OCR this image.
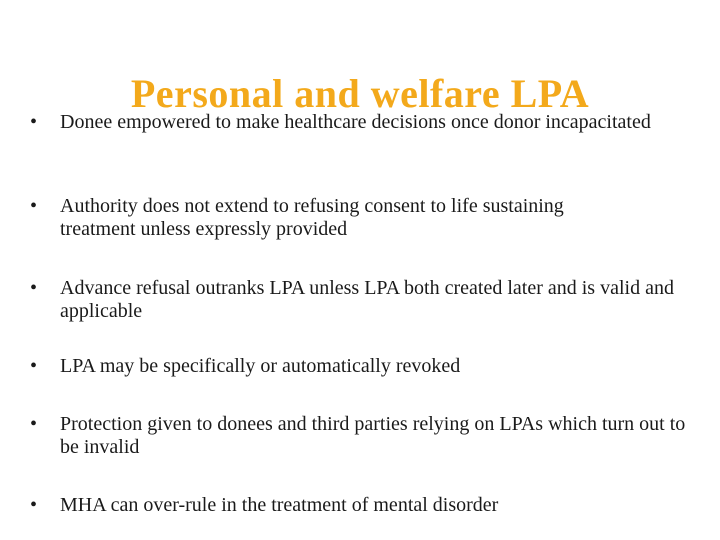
Personal and welfare LPA
•	Donee empowered to make healthcare decisions once donor incapacitated
•	Authority does not extend to refusing consent to life sustaining treatment unless expressly provided
•	Advance refusal outranks LPA unless LPA both created later and is valid and applicable
•	LPA may be specifically or automatically revoked
•	Protection given to donees and third parties relying on LPAs which turn out to be invalid
•	MHA can over-rule in the treatment of mental disorder
